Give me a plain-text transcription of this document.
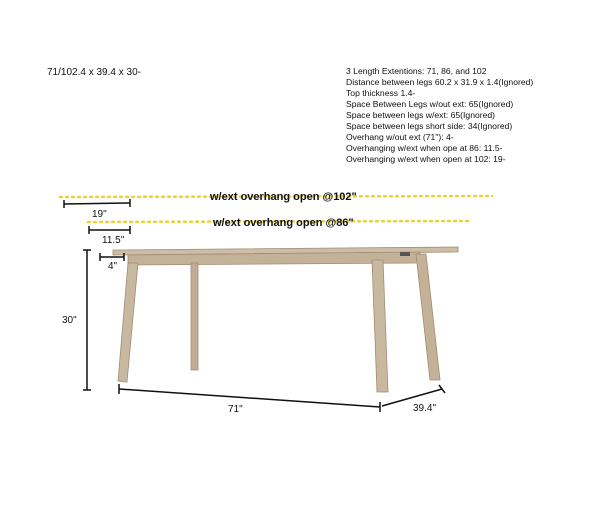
71/102.4 x 39.4 x 30-	3 Length Extentions: 71, 86, and 102
Distance between legs 60.2 x 31.9 x 1.4(Ignored)
Top thickness 1.4-
Space Between Legs w/out ext: 65(Ignored)
Space between legs w/ext: 65(Ignored)
Space between legs short side: 34(Ignored)
Overhang w/out ext (71"): 4-
Overhanging w/ext when ope at 86: 11.5-
Overhanging w/ext when open at 102: 19-
w/ext overhang open @102"
19"
w/ext overhang open @86"
11.5"
4"
30"
71"	39.4"
